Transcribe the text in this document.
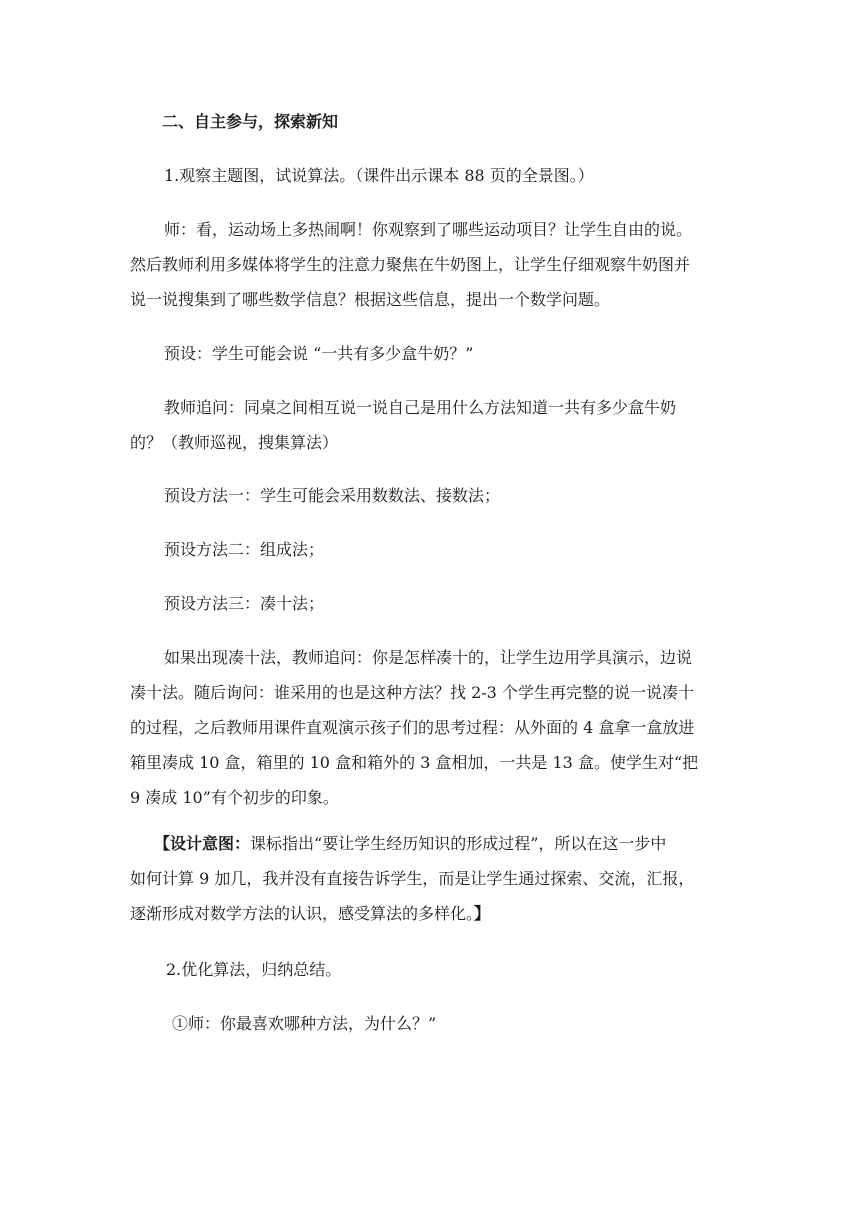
二、自主参与，探索新知

1.观察主题图，试说算法。（课件出示课本 88 页的全景图。）

师：看，运动场上多热闹啊！你观察到了哪些运动项目？让学生自由的说。

然后教师利用多媒体将学生的注意力聚焦在牛奶图上，让学生仔细观察牛奶图并

说一说搜集到了哪些数学信息？根据这些信息，提出一个数学问题。

预设：学生可能会说 “一共有多少盒牛奶？”

教师追问：同桌之间相互说一说自己是用什么方法知道一共有多少盒牛奶

的？（教师巡视，搜集算法）

预设方法一：学生可能会采用数数法、接数法；

预设方法二：组成法；

预设方法三：凑十法；

如果出现凑十法，教师追问：你是怎样凑十的，让学生边用学具演示，边说

凑十法。随后询问：谁采用的也是这种方法？找 2-3 个学生再完整的说一说凑十

的过程，之后教师用课件直观演示孩子们的思考过程：从外面的 4 盒拿一盒放进

箱里凑成 10 盒，箱里的 10 盒和箱外的 3 盒相加，一共是 13 盒。使学生对“把

9 凑成 10”有个初步的印象。

【设计意图：课标指出“要让学生经历知识的形成过程”，所以在这一步中

如何计算 9 加几，我并没有直接告诉学生，而是让学生通过探索、交流，汇报，

逐渐形成对数学方法的认识，感受算法的多样化。】

2.优化算法，归纳总结。

①师：你最喜欢哪种方法，为什么？”
